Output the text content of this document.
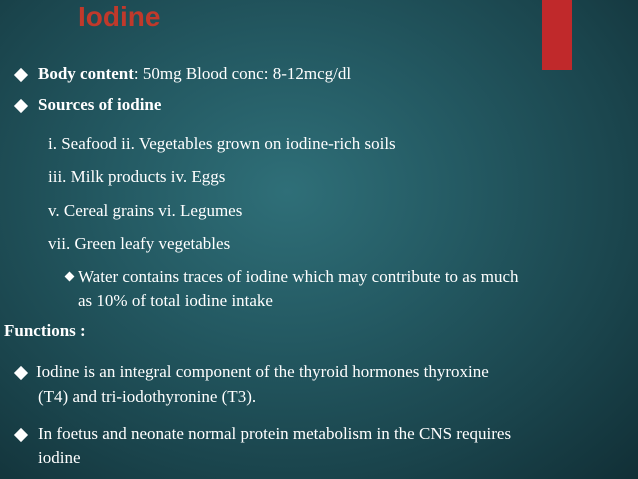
Iodine
Body content: 50mg Blood conc: 8-12mcg/dl
Sources of iodine
i. Seafood ii. Vegetables grown on iodine-rich soils
iii. Milk products iv. Eggs
v. Cereal grains vi. Legumes
vii. Green leafy vegetables
Water contains traces of iodine which may contribute to as much
as 10% of total iodine intake
Functions :
Iodine is an integral component of the thyroid hormones thyroxine
(T4) and tri-iodothyronine (T3).
In foetus and neonate normal protein metabolism in the CNS requires
iodine
